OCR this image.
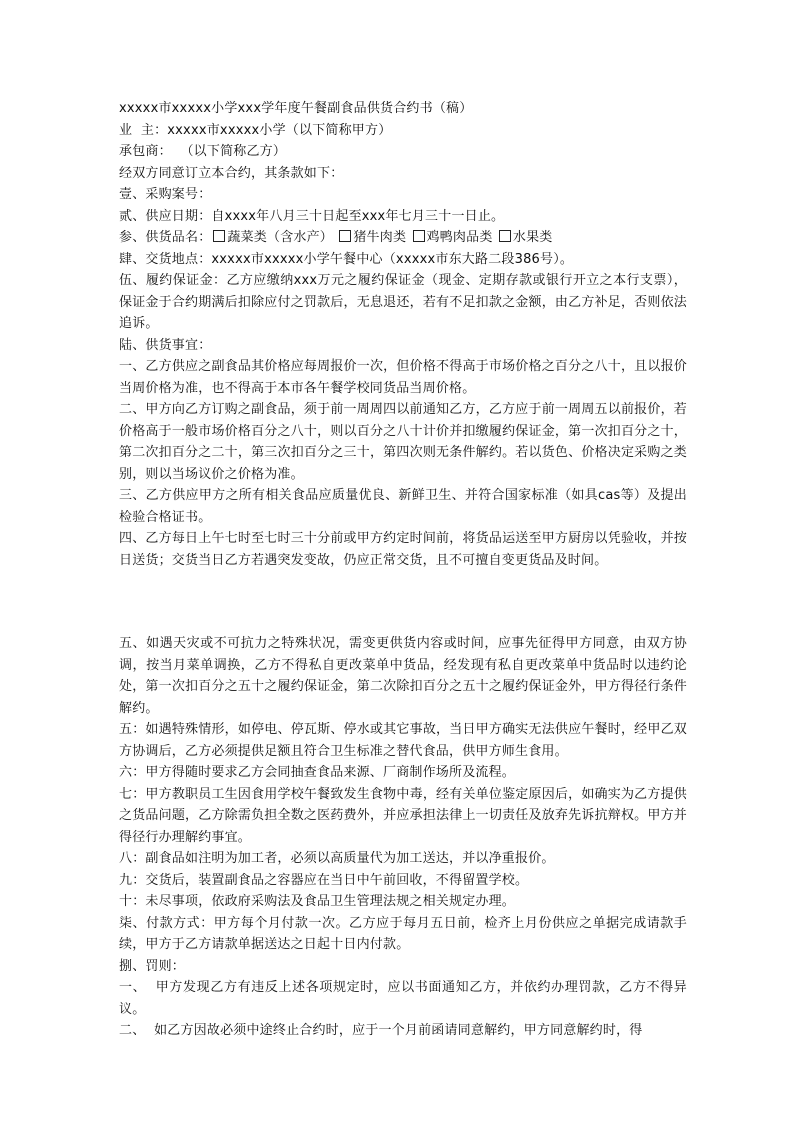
xxxxx市xxxxx小学xxx学年度午餐副食品供货合约书（稿）
业  主：xxxxx市xxxxx小学（以下简称甲方）
承包商：  （以下简称乙方）
经双方同意订立本合约，其条款如下：
壹、采购案号：
贰、供应日期：自xxxx年八月三十日起至xxx年七月三十一日止。
参、供货品名： 蔬菜类（含水产） 猪牛肉类 鸡鸭肉品类 水果类
肆、交货地点：xxxxx市xxxxx小学午餐中心（xxxxx市东大路二段386号）。
伍、履约保证金：乙方应缴纳xxx万元之履约保证金（现金、定期存款或银行开立之本行支票），保证金于合约期满后扣除应付之罚款后，无息退还，若有不足扣款之金额，由乙方补足，否则依法追诉。
陆、供货事宜：
一、乙方供应之副食品其价格应每周报价一次，但价格不得高于市场价格之百分之八十，且以报价当周价格为准，也不得高于本市各午餐学校同货品当周价格。
二、甲方向乙方订购之副食品，须于前一周周四以前通知乙方，乙方应于前一周周五以前报价，若价格高于一般市场价格百分之八十，则以百分之八十计价并扣缴履约保证金，第一次扣百分之十，第二次扣百分之二十，第三次扣百分之三十，第四次则无条件解约。若以货色、价格决定采购之类别，则以当场议价之价格为准。
三、乙方供应甲方之所有相关食品应质量优良、新鲜卫生、并符合国家标准（如具cas等）及提出检验合格证书。
四、乙方每日上午七时至七时三十分前或甲方约定时间前，将货品运送至甲方厨房以凭验收，并按日送货；交货当日乙方若遇突发变故，仍应正常交货，且不可擅自变更货品及时间。
五、如遇天灾或不可抗力之特殊状况，需变更供货内容或时间，应事先征得甲方同意，由双方协调，按当月菜单调换，乙方不得私自更改菜单中货品，经发现有私自更改菜单中货品时以违约论处，第一次扣百分之五十之履约保证金，第二次除扣百分之五十之履约保证金外，甲方得径行条件解约。
五：如遇特殊情形，如停电、停瓦斯、停水或其它事故，当日甲方确实无法供应午餐时，经甲乙双方协调后，乙方必须提供足额且符合卫生标准之替代食品，供甲方师生食用。
六：甲方得随时要求乙方会同抽查食品来源、厂商制作场所及流程。
七：甲方教职员工生因食用学校午餐致发生食物中毒，经有关单位鉴定原因后，如确实为乙方提供之货品问题，乙方除需负担全数之医药费外，并应承担法律上一切责任及放弃先诉抗辩权。甲方并得径行办理解约事宜。
八：副食品如注明为加工者，必须以高质量代为加工送达，并以净重报价。
九：交货后，装置副食品之容器应在当日中午前回收，不得留置学校。
十：未尽事项，依政府采购法及食品卫生管理法规之相关规定办理。
柒、付款方式：甲方每个月付款一次。乙方应于每月五日前，检齐上月份供应之单据完成请款手续，甲方于乙方请款单据送达之日起十日内付款。
捌、罚则：
一、  甲方发现乙方有违反上述各项规定时，应以书面通知乙方，并依约办理罚款，乙方不得异议。
二、  如乙方因故必须中途终止合约时，应于一个月前函请同意解约，甲方同意解约时，得
